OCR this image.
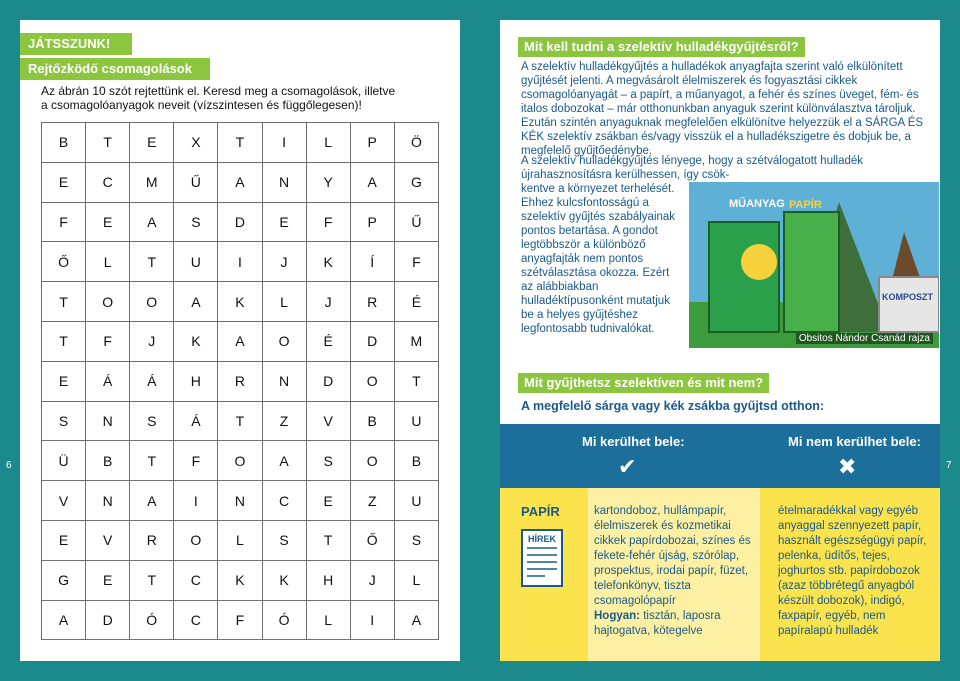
JÁTSSZUNK!
Rejtőzködő csomagolások
Az ábrán 10 szót rejtettünk el. Keresd meg a csomagolások, illetve a csomagolóanyagok neveit (vízszintesen és függőlegesen)!
B	T	E	X	T	I	L	P	Ö
E	C	M	Ű	A	N	Y	A	G
F	E	A	S	D	E	F	P	Ű
Ő	L	T	U	I	J	K	Í	F
T	O	O	A	K	L	J	R	É
T	F	J	K	A	O	É	D	M
E	Á	Á	H	R	N	D	O	T
S	N	S	Á	T	Z	V	B	U
Ü	B	T	F	O	A	S	O	B
V	N	A	I	N	C	E	Z	U
E	V	R	O	L	S	T	Ő	S
G	E	T	C	K	K	H	J	L
A	D	Ó	C	F	Ó	L	I	A
6	7
Mit kell tudni a szelektív hulladékgyűjtésről?
A szelektív hulladékgyűjtés a hulladékok anyagfajta szerint való elkülönített gyűjtését jelenti. A megvásárolt élelmiszerek és fogyasztási cikkek csomagolóanyagát – a papírt, a műanyagot, a fehér és színes üveget, fém- és italos dobozokat – már otthonunkban anyaguk szerint különválasztva tároljuk. Ezután szintén anyaguknak megfelelően elkülönítve helyezzük el a SÁRGA ÉS KÉK szelektív zsákban és/vagy visszük el a hulladékszigetre és dobjuk be, a megfelelő gyűjtőedénybe.
A szelektív hulladékgyűjtés lényege, hogy a szétválogatott hulladék újrahasznosításra kerülhessen, így csök-
kentve a környezet terhelését. Ehhez kulcsfontosságú a szelektív gyűjtés szabályainak pontos betartása. A gondot legtöbbször a különböző anyagfajták nem pontos szétválasztása okozza. Ezért az alábbiakban hulladéktípusonként mutatjuk be a helyes gyűjtéshez legfontosabb tudnivalókat.
MŰANYAG PAPÍR
KOMPOSZT
Obsitos Nándor Csanád rajza
Mit gyűjthetsz szelektíven és mit nem?
A megfelelő sárga vagy kék zsákba gyűjtsd otthon:
Mi kerülhet bele:	Mi nem kerülhet bele:
✔	✖
PAPÍR
HÍREK
kartondoboz, hullámpapír, élelmiszerek és kozmetikai cikkek papírdobozai, színes és fekete-fehér újság, szórólap, prospektus, irodai papír, füzet, telefonkönyv, tiszta csomagolópapír
Hogyan: tisztán, laposra hajtogatva, kötegelve
ételmaradékkal vagy egyéb anyaggal szennyezett papír, használt egészségügyi papír, pelenka, üdítős, tejes, joghurtos stb. papírdobozok (azaz többrétegű anyagból készült dobozok), indigó, faxpapír, egyéb, nem papíralapú hulladék
